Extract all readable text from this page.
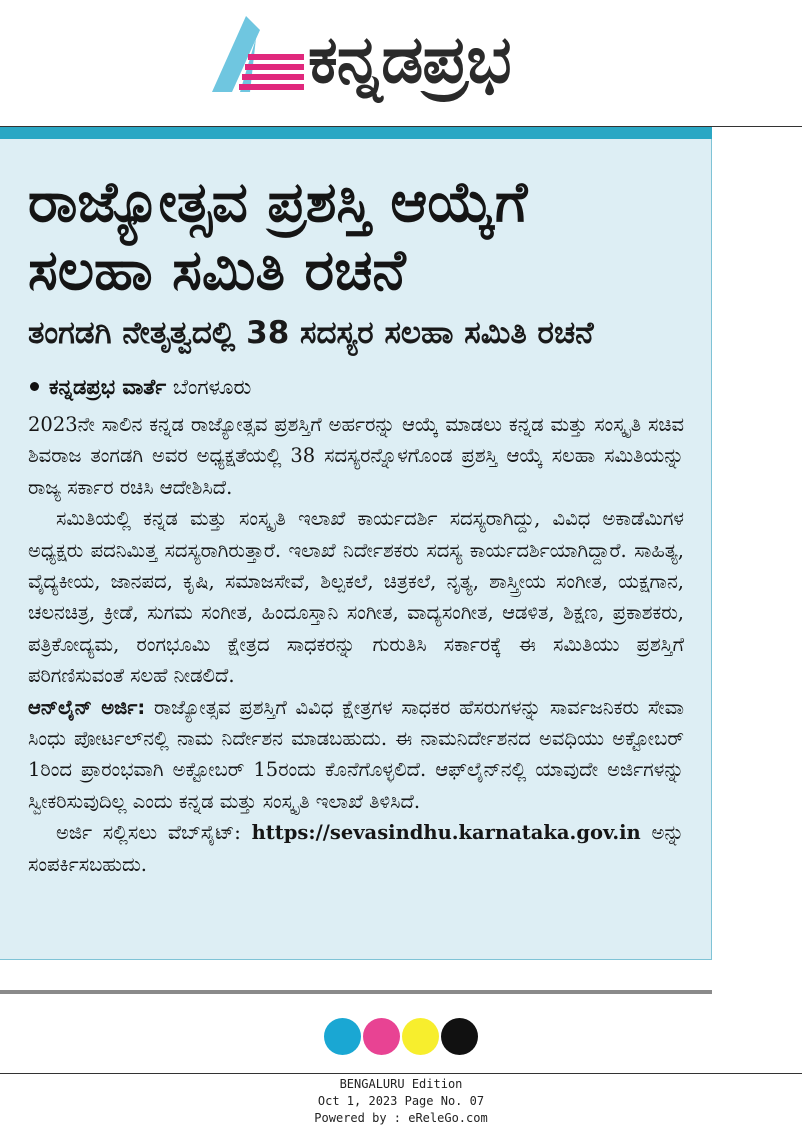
ಕನ್ನಡಪ್ರಭ
ರಾಜ್ಯೋತ್ಸವ ಪ್ರಶಸ್ತಿ ಆಯ್ಕೆಗೆ
ಸಲಹಾ ಸಮಿತಿ ರಚನೆ
ತಂಗಡಗಿ ನೇತೃತ್ವದಲ್ಲಿ 38 ಸದಸ್ಯರ ಸಲಹಾ ಸಮಿತಿ ರಚನೆ
ಕನ್ನಡಪ್ರಭ ವಾರ್ತೆ ಬೆಂಗಳೂರು

2023ನೇ ಸಾಲಿನ ಕನ್ನಡ ರಾಜ್ಯೋತ್ಸವ ಪ್ರಶಸ್ತಿಗೆ ಅರ್ಹರನ್ನು ಆಯ್ಕೆ ಮಾಡಲು ಕನ್ನಡ ಮತ್ತು ಸಂಸ್ಕೃತಿ ಸಚಿವ ಶಿವರಾಜ ತಂಗಡಗಿ ಅವರ ಅಧ್ಯಕ್ಷತೆಯಲ್ಲಿ 38 ಸದಸ್ಯರನ್ನೊಳಗೊಂಡ ಪ್ರಶಸ್ತಿ ಆಯ್ಕೆ ಸಲಹಾ ಸಮಿತಿಯನ್ನು ರಾಜ್ಯ ಸರ್ಕಾರ ರಚಿಸಿ ಆದೇಶಿಸಿದೆ.

ಸಮಿತಿಯಲ್ಲಿ ಕನ್ನಡ ಮತ್ತು ಸಂಸ್ಕೃತಿ ಇಲಾಖೆ ಕಾರ್ಯದರ್ಶಿ ಸದಸ್ಯರಾಗಿದ್ದು, ವಿವಿಧ ಅಕಾಡೆಮಿಗಳ ಅಧ್ಯಕ್ಷರು ಪದನಿಮಿತ್ತ ಸದಸ್ಯರಾಗಿರುತ್ತಾರೆ. ಇಲಾಖೆ ನಿರ್ದೇಶಕರು ಸದಸ್ಯ ಕಾರ್ಯದರ್ಶಿಯಾಗಿದ್ದಾರೆ. ಸಾಹಿತ್ಯ, ವೈದ್ಯಕೀಯ, ಜಾನಪದ, ಕೃಷಿ, ಸಮಾಜಸೇವೆ, ಶಿಲ್ಪಕಲೆ, ಚಿತ್ರಕಲೆ, ನೃತ್ಯ, ಶಾಸ್ತ್ರೀಯ ಸಂಗೀತ, ಯಕ್ಷಗಾನ, ಚಲನಚಿತ್ರ, ಕ್ರೀಡೆ, ಸುಗಮ ಸಂಗೀತ, ಹಿಂದೂಸ್ತಾನಿ ಸಂಗೀತ, ವಾದ್ಯಸಂಗೀತ, ಆಡಳಿತ, ಶಿಕ್ಷಣ, ಪ್ರಕಾಶಕರು, ಪತ್ರಿಕೋದ್ಯಮ, ರಂಗಭೂಮಿ ಕ್ಷೇತ್ರದ ಸಾಧಕರನ್ನು ಗುರುತಿಸಿ ಸರ್ಕಾರಕ್ಕೆ ಈ ಸಮಿತಿಯು ಪ್ರಶಸ್ತಿಗೆ ಪರಿಗಣಿಸುವಂತೆ ಸಲಹೆ ನೀಡಲಿದೆ.

ಆನ್‌ಲೈನ್ ಅರ್ಜಿ: ರಾಜ್ಯೋತ್ಸವ ಪ್ರಶಸ್ತಿಗೆ ವಿವಿಧ ಕ್ಷೇತ್ರಗಳ ಸಾಧಕರ ಹೆಸರುಗಳನ್ನು ಸಾರ್ವಜನಿಕರು ಸೇವಾ ಸಿಂಧು ಪೋರ್ಟಲ್‌ನಲ್ಲಿ ನಾಮ ನಿರ್ದೇಶನ ಮಾಡಬಹುದು. ಈ ನಾಮನಿರ್ದೇಶನದ ಅವಧಿಯು ಅಕ್ಟೋಬರ್ 1ರಿಂದ ಪ್ರಾರಂಭವಾಗಿ ಅಕ್ಟೋಬರ್ 15ರಂದು ಕೊನೆಗೊಳ್ಳಲಿದೆ. ಆಫ್‌ಲೈನ್‌ನಲ್ಲಿ ಯಾವುದೇ ಅರ್ಜಿಗಳನ್ನು ಸ್ವೀಕರಿಸುವುದಿಲ್ಲ ಎಂದು ಕನ್ನಡ ಮತ್ತು ಸಂಸ್ಕೃತಿ ಇಲಾಖೆ ತಿಳಿಸಿದೆ.

ಅರ್ಜಿ ಸಲ್ಲಿಸಲು ವೆಬ್‌ಸೈಟ್: https://sevasindhu.karnataka.gov.in ಅನ್ನು ಸಂಪರ್ಕಿಸಬಹುದು.

BENGALURU Edition
Oct 1, 2023 Page No. 07
Powered by : eReleGo.com
